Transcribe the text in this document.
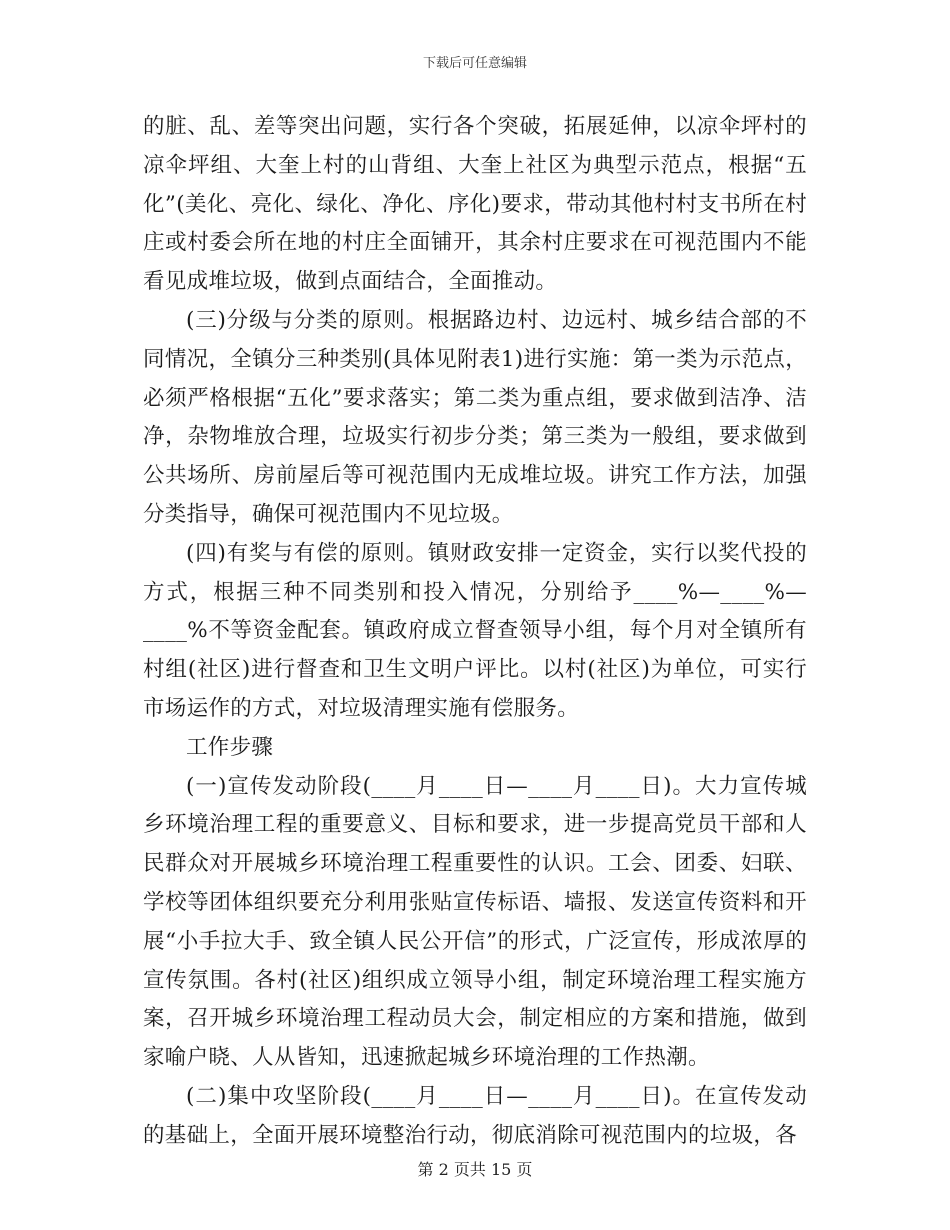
下载后可任意编辑

的脏、乱、差等突出问题，实行各个突破，拓展延伸，以凉伞坪村的凉伞坪组、大奎上村的山背组、大奎上社区为典型示范点，根据“五化”(美化、亮化、绿化、净化、序化)要求，带动其他村村支书所在村庄或村委会所在地的村庄全面铺开，其余村庄要求在可视范围内不能看见成堆垃圾，做到点面结合，全面推动。

(三)分级与分类的原则。根据路边村、边远村、城乡结合部的不同情况，全镇分三种类别(具体见附表1)进行实施：第一类为示范点，必须严格根据“五化”要求落实；第二类为重点组，要求做到洁净、洁净，杂物堆放合理，垃圾实行初步分类；第三类为一般组，要求做到公共场所、房前屋后等可视范围内无成堆垃圾。讲究工作方法，加强分类指导，确保可视范围内不见垃圾。

(四)有奖与有偿的原则。镇财政安排一定资金，实行以奖代投的方式，根据三种不同类别和投入情况，分别给予____%—____%—____%不等资金配套。镇政府成立督查领导小组，每个月对全镇所有村组(社区)进行督查和卫生文明户评比。以村(社区)为单位，可实行市场运作的方式，对垃圾清理实施有偿服务。

工作步骤

(一)宣传发动阶段(____月____日—____月____日)。大力宣传城乡环境治理工程的重要意义、目标和要求，进一步提高党员干部和人民群众对开展城乡环境治理工程重要性的认识。工会、团委、妇联、学校等团体组织要充分利用张贴宣传标语、墙报、发送宣传资料和开展“小手拉大手、致全镇人民公开信”的形式，广泛宣传，形成浓厚的宣传氛围。各村(社区)组织成立领导小组，制定环境治理工程实施方案，召开城乡环境治理工程动员大会，制定相应的方案和措施，做到家喻户晓、人从皆知，迅速掀起城乡环境治理的工作热潮。

(二)集中攻坚阶段(____月____日—____月____日)。在宣传发动的基础上，全面开展环境整治行动，彻底消除可视范围内的垃圾，各

第 2 页共 15 页
